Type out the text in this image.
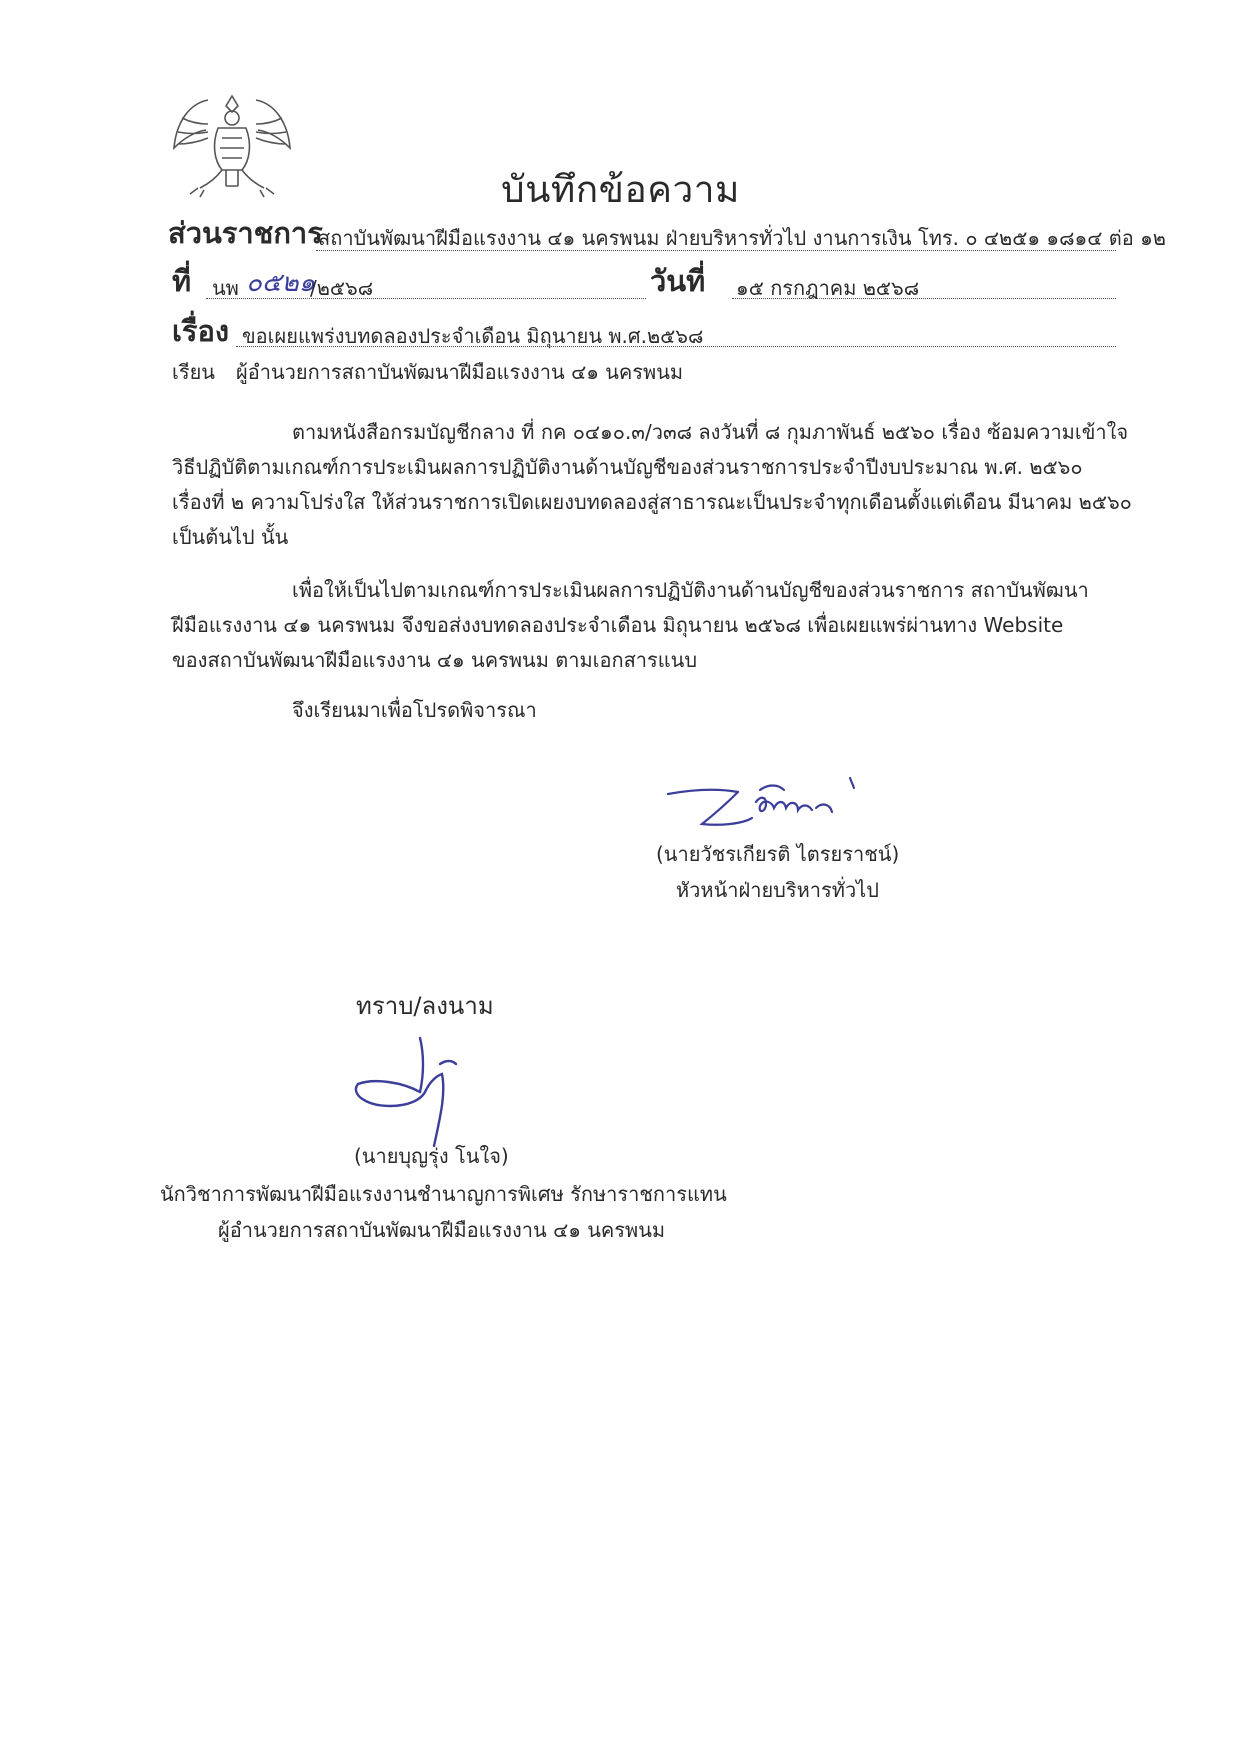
บันทึกข้อความ
ส่วนราชการ
สถาบันพัฒนาฝีมือแรงงาน ๔๑ นครพนม ฝ่ายบริหารทั่วไป งานการเงิน โทร. ๐ ๔๒๕๑ ๑๘๑๔ ต่อ ๑๒
ที่ นพ ๐๕๒๑
/๒๕๖๘	วันที่ ๑๕ กรกฎาคม ๒๕๖๘
เรื่อง ขอเผยแพร่งบทดลองประจำเดือน มิถุนายน พ.ศ.๒๕๖๘
เรียน ผู้อำนวยการสถาบันพัฒนาฝีมือแรงงาน ๔๑ นครพนม
ตามหนังสือกรมบัญชีกลาง ที่ กค ๐๔๑๐.๓/ว๓๘ ลงวันที่ ๘ กุมภาพันธ์ ๒๕๖๐ เรื่อง ซ้อมความเข้าใจ
วิธีปฏิบัติตามเกณฑ์การประเมินผลการปฏิบัติงานด้านบัญชีของส่วนราชการประจำปีงบประมาณ พ.ศ. ๒๕๖๐
เรื่องที่ ๒ ความโปร่งใส ให้ส่วนราชการเปิดเผยงบทดลองสู่สาธารณะเป็นประจำทุกเดือนตั้งแต่เดือน มีนาคม ๒๕๖๐
เป็นต้นไป นั้น
เพื่อให้เป็นไปตามเกณฑ์การประเมินผลการปฏิบัติงานด้านบัญชีของส่วนราชการ สถาบันพัฒนา
ฝีมือแรงงาน ๔๑ นครพนม จึงขอส่งงบทดลองประจำเดือน มิถุนายน ๒๕๖๘ เพื่อเผยแพร่ผ่านทาง Website
ของสถาบันพัฒนาฝีมือแรงงาน ๔๑ นครพนม ตามเอกสารแนบ
จึงเรียนมาเพื่อโปรดพิจารณา
(นายวัชรเกียรติ ไตรยราชน์)
หัวหน้าฝ่ายบริหารทั่วไป
ทราบ/ลงนาม
(นายบุญรุ่ง โนใจ)
นักวิชาการพัฒนาฝีมือแรงงานชำนาญการพิเศษ รักษาราชการแทน
ผู้อำนวยการสถาบันพัฒนาฝีมือแรงงาน ๔๑ นครพนม
